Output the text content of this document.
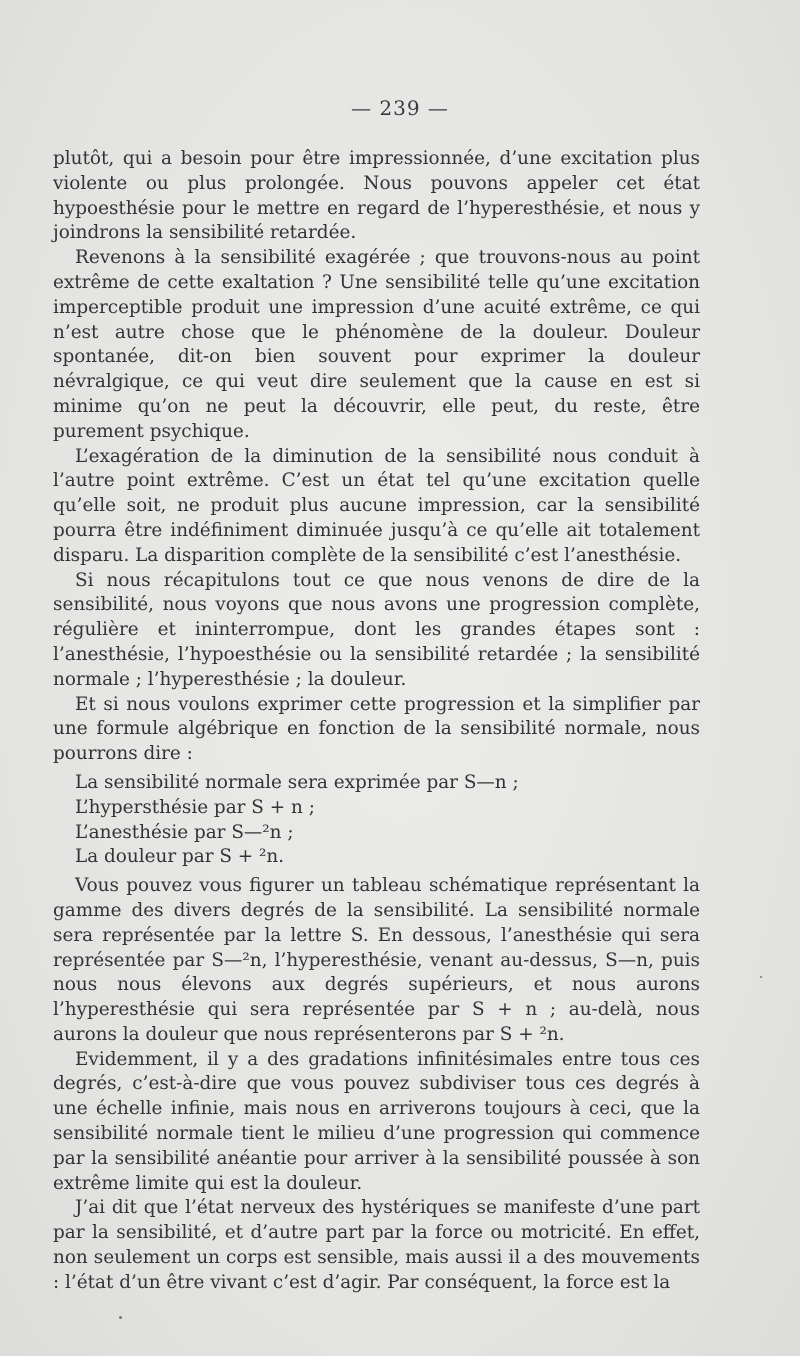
— 239 —

plutôt, qui a besoin pour être impressionnée, d’une excitation plus violente ou plus prolongée. Nous pouvons appeler cet état hypoesthésie pour le mettre en regard de l’hyperesthésie, et nous y joindrons la sensibilité retardée.

Revenons à la sensibilité exagérée ; que trouvons-nous au point extrême de cette exaltation ? Une sensibilité telle qu’une excitation imperceptible produit une impression d’une acuité extrême, ce qui n’est autre chose que le phénomène de la douleur. Douleur spontanée, dit-on bien souvent pour exprimer la douleur névralgique, ce qui veut dire seulement que la cause en est si minime qu’on ne peut la découvrir, elle peut, du reste, être purement psychique.

L’exagération de la diminution de la sensibilité nous conduit à l’autre point extrême. C’est un état tel qu’une excitation quelle qu’elle soit, ne produit plus aucune impression, car la sensibilité pourra être indéfiniment diminuée jusqu’à ce qu’elle ait totalement disparu. La disparition complète de la sensibilité c’est l’anesthésie.

Si nous récapitulons tout ce que nous venons de dire de la sensibilité, nous voyons que nous avons une progression complète, régulière et ininterrompue, dont les grandes étapes sont : l’anesthésie, l’hypoesthésie ou la sensibilité retardée ; la sensibilité normale ; l’hyperesthésie ; la douleur.

Et si nous voulons exprimer cette progression et la simplifier par une formule algébrique en fonction de la sensibilité normale, nous pourrons dire :

La sensibilité normale sera exprimée par S—n ;

L’hypersthésie par S + n ;

L’anesthésie par S—²n ;

La douleur par S + ²n.

Vous pouvez vous figurer un tableau schématique représentant la gamme des divers degrés de la sensibilité. La sensibilité normale sera représentée par la lettre S. En dessous, l’anesthésie qui sera représentée par S—²n, l’hyperesthésie, venant au-dessus, S—n, puis nous nous élevons aux degrés supérieurs, et nous aurons l’hyperesthésie qui sera représentée par S + n ; au-delà, nous aurons la douleur que nous représenterons par S + ²n.

Evidemment, il y a des gradations infinitésimales entre tous ces degrés, c’est-à-dire que vous pouvez subdiviser tous ces degrés à une échelle infinie, mais nous en arriverons toujours à ceci, que la sensibilité normale tient le milieu d’une progression qui commence par la sensibilité anéantie pour arriver à la sensibilité poussée à son extrême limite qui est la douleur.

J’ai dit que l’état nerveux des hystériques se manifeste d’une part par la sensibilité, et d’autre part par la force ou motricité. En effet, non seulement un corps est sensible, mais aussi il a des mouvements : l’état d’un être vivant c’est d’agir. Par conséquent, la force est la
